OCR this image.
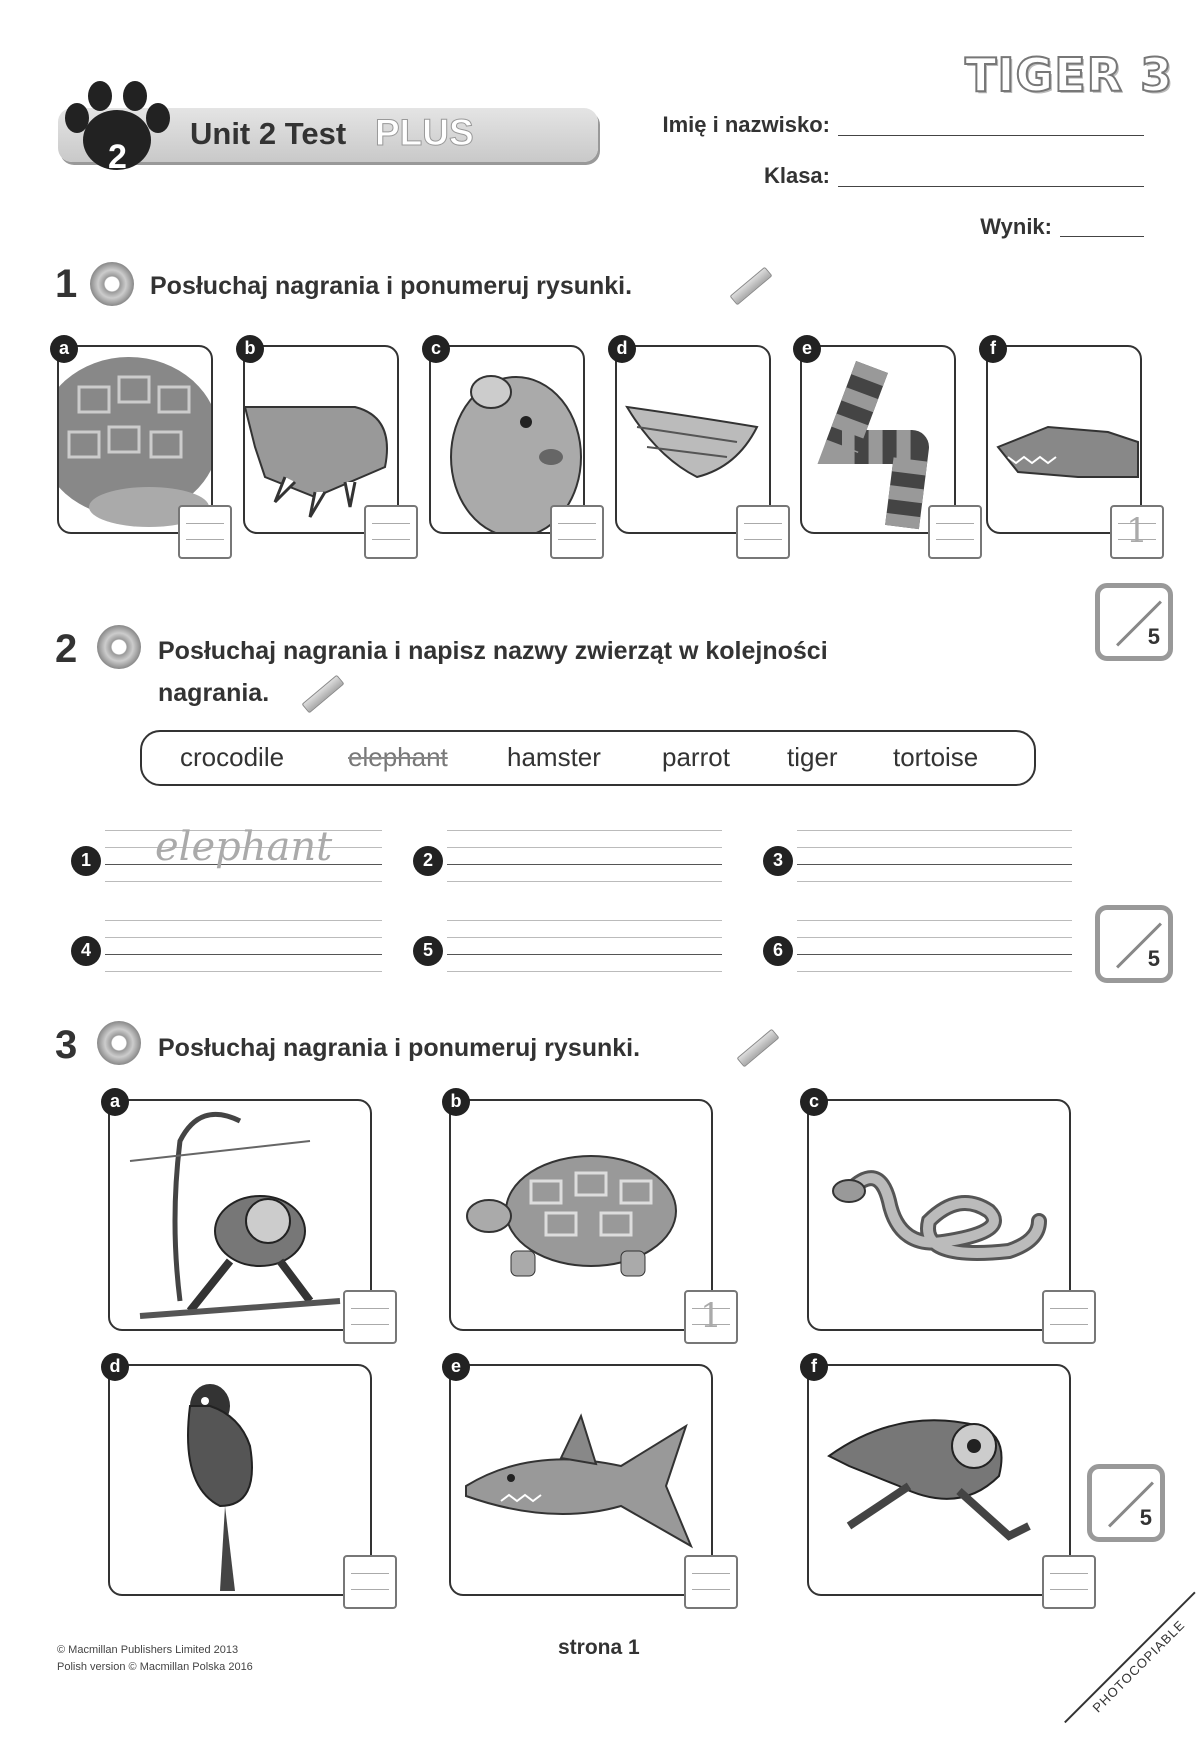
TIGER 3
2
Unit 2 Test PLUS	Imię i nazwisko:
Klasa:
Wynik:
1	Posłuchaj nagrania i ponumeruj rysunki.
a	b	c	d	e	f
1
5
2	Posłuchaj nagrania i napisz nazwy zwierząt w kolejności
nagrania.
crocodile elephant hamster parrot tiger tortoise
1	2	3
4	5	6
elephant
5
3	Posłuchaj nagrania i ponumeruj rysunki.
a	b	c
d	e	f
1
5
© Macmillan Publishers Limited 2013
Polish version © Macmillan Polska 2016
strona 1	PHOTOCOPIABLE
